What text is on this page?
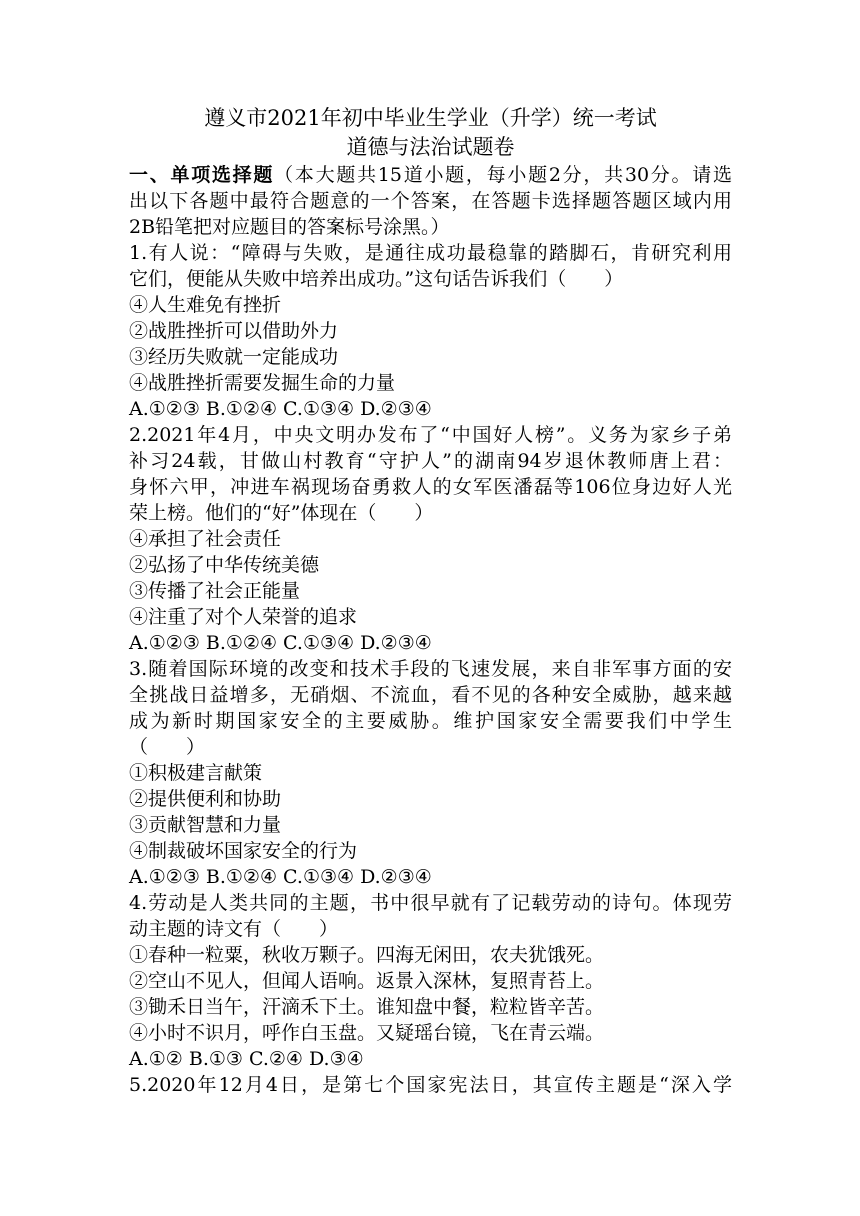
遵义市2021年初中毕业生学业（升学）统一考试
道德与法治试题卷
一、单项选择题（本大题共15道小题，每小题2分，共30分。请选
出以下各题中最符合题意的一个答案，在答题卡选择题答题区域内用
2B铅笔把对应题目的答案标号涂黑。）
1.有人说：“障碍与失败，是通往成功最稳靠的踏脚石，肯研究利用
它们，便能从失败中培养出成功。”这句话告诉我们（　　）
④人生难免有挫折
②战胜挫折可以借助外力
③经历失败就一定能成功
④战胜挫折需要发掘生命的力量
A.①②③ B.①②④ C.①③④ D.②③④
2.2021年4月，中央文明办发布了“中国好人榜”。义务为家乡子弟
补习24载，甘做山村教育“守护人”的湖南94岁退休教师唐上君：
身怀六甲，冲进车祸现场奋勇救人的女军医潘磊等106位身边好人光
荣上榜。他们的“好”体现在（　　）
④承担了社会责任
②弘扬了中华传统美德
③传播了社会正能量
④注重了对个人荣誉的追求
A.①②③ B.①②④ C.①③④ D.②③④
3.随着国际环境的改变和技术手段的飞速发展，来自非军事方面的安
全挑战日益增多，无硝烟、不流血，看不见的各种安全威胁，越来越
成为新时期国家安全的主要威胁。维护国家安全需要我们中学生
（　　）
①积极建言献策
②提供便利和协助
③贡献智慧和力量
④制裁破坏国家安全的行为
A.①②③ B.①②④ C.①③④ D.②③④
4.劳动是人类共同的主题，书中很早就有了记载劳动的诗句。体现劳
动主题的诗文有（　　）
①春种一粒粟，秋收万颗子。四海无闲田，农夫犹饿死。
②空山不见人，但闻人语响。返景入深林，复照青苔上。
③锄禾日当午，汗滴禾下土。谁知盘中餐，粒粒皆辛苦。
④小时不识月，呼作白玉盘。又疑瑶台镜，飞在青云端。
A.①② B.①③ C.②④ D.③④
5.2020年12月4日，是第七个国家宪法日，其宣传主题是“深入学
